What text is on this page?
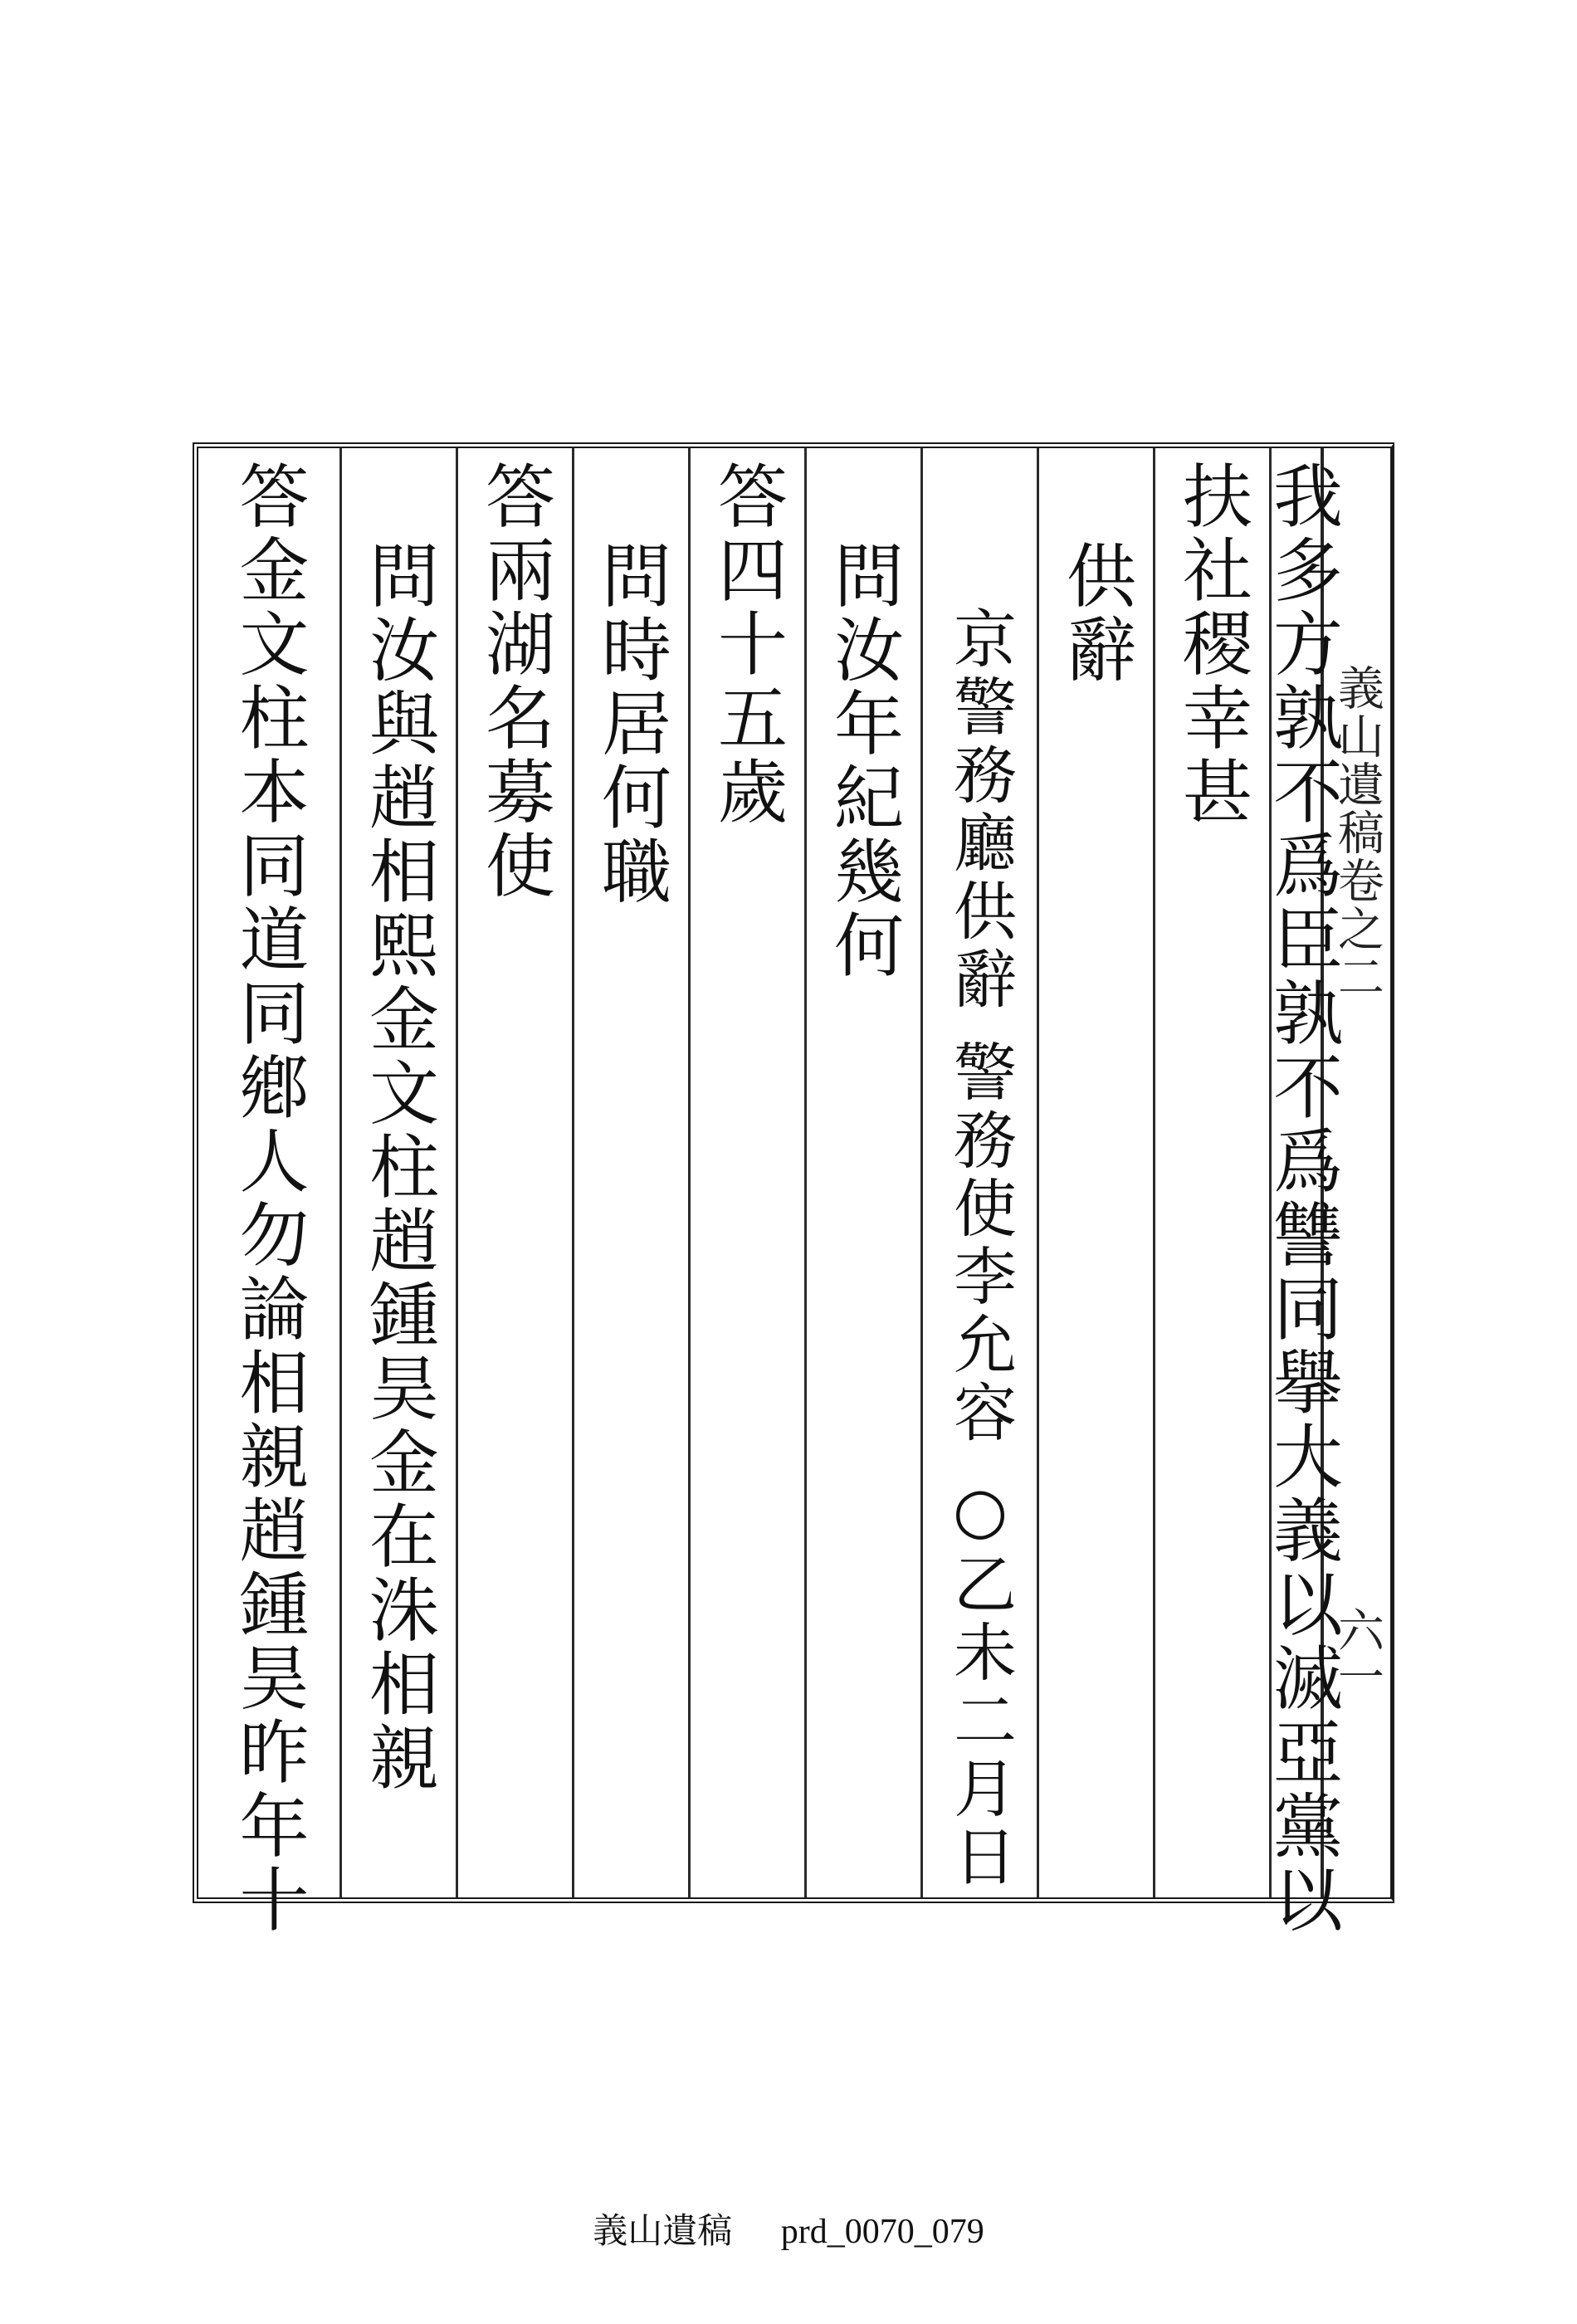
義山遺稿卷之二
六一
我多方孰不爲臣孰不爲讐同擧大義以滅亞黨以
扶社稷幸甚
供辭
京警務廳供辭 警務使李允容 ○乙未二月日
問汝年紀幾何
答四十五歲
問時居何職
答兩湖名募使
問汝與趙相熙金文柱趙鍾昊金在洙相親
答金文柱本同道同鄕人勿論相親趙鍾昊昨年十
義山遺稿 prd_0070_079
